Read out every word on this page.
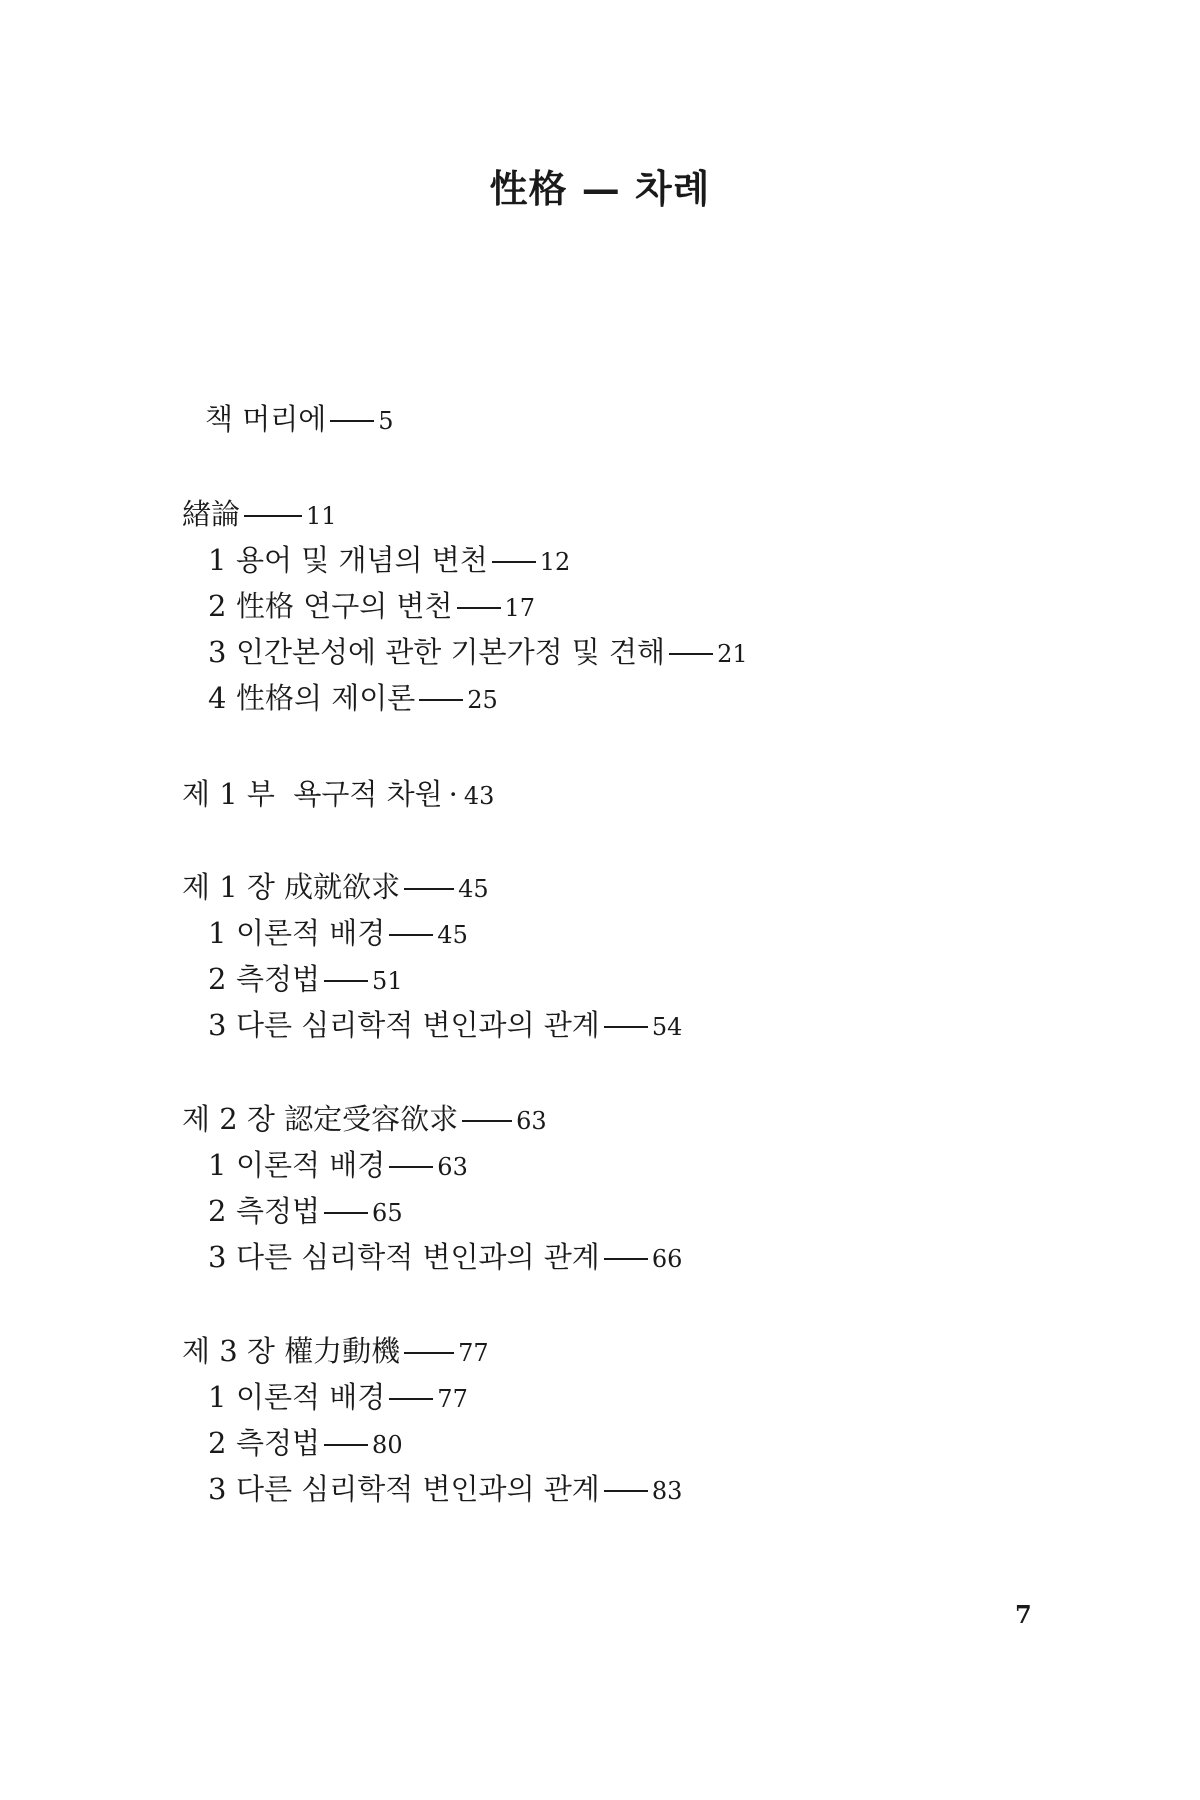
性格 — 차례
책 머리에 5
緖論	11
1 용어 및 개념의 변천 12
2 性格 연구의 변천 17
3 인간본성에 관한 기본가정 및 견해 21
4 性格의 제이론 25
제 1 부  욕구적 차원 · 43
제 1 장 成就欲求 45
1 이론적 배경 45
2 측정법 51
3 다른 심리학적 변인과의 관계 54
제 2 장 認定受容欲求 63
1 이론적 배경 63
2 측정법 65
3 다른 심리학적 변인과의 관계 66
제 3 장 權力動機 77
1 이론적 배경 77
2 측정법 80
3 다른 심리학적 변인과의 관계 83
7
